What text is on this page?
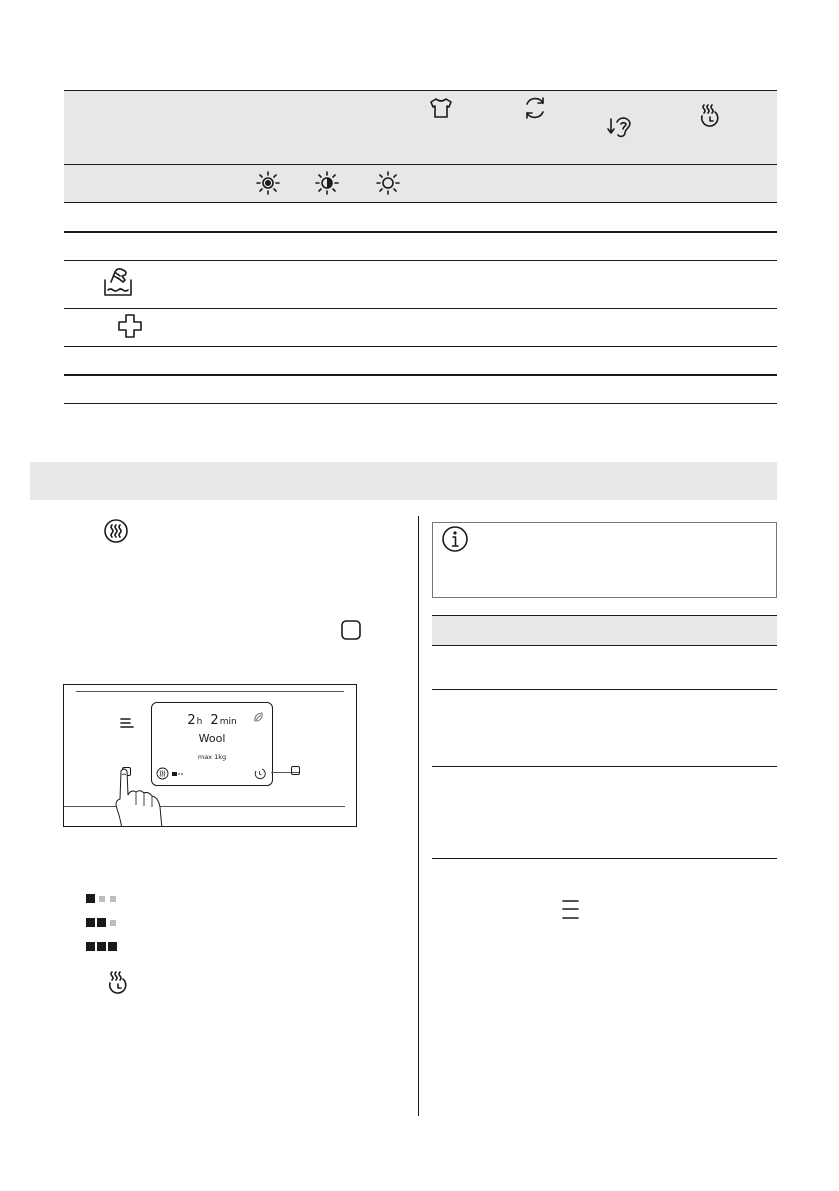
2h 2min
Wool
max 1kg
